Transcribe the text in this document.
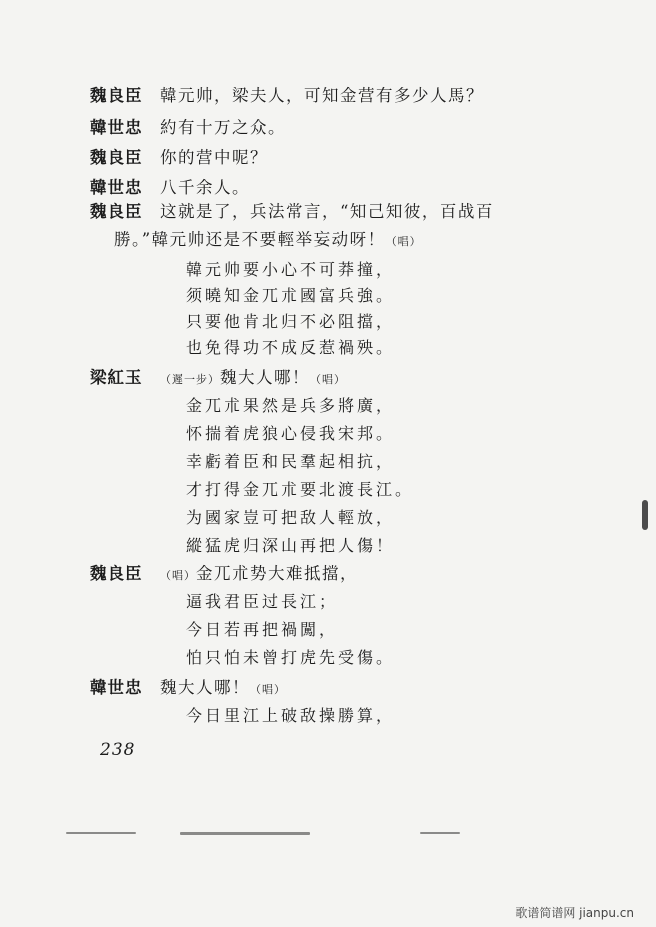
魏良臣 韓元帅，梁夫人，可知金营有多少人馬？
韓世忠 約有十万之众。
魏良臣 你的营中呢？
韓世忠 八千余人。
魏良臣 这就是了，兵法常言，“知己知彼，百战百
勝。”韓元帅还是不要輕举妄动呀！（唱）
韓元帅要小心不可莽撞，
须曉知金兀朮國富兵強。
只要他肯北归不必阻擋，
也免得功不成反惹禍殃。
梁紅玉 （遲一步）魏大人哪！（唱）
金兀朮果然是兵多將廣，
怀揣着虎狼心侵我宋邦。
幸虧着臣和民羣起相抗，
才打得金兀朮要北渡長江。
为國家豈可把敌人輕放，
縱猛虎归深山再把人傷！
魏良臣 （唱）金兀朮势大难抵擋，
逼我君臣过長江；
今日若再把禍闖，
怕只怕未曾打虎先受傷。
韓世忠 魏大人哪！（唱）
今日里江上破敌操勝算，
238
歌谱简谱网 jianpu.cn
